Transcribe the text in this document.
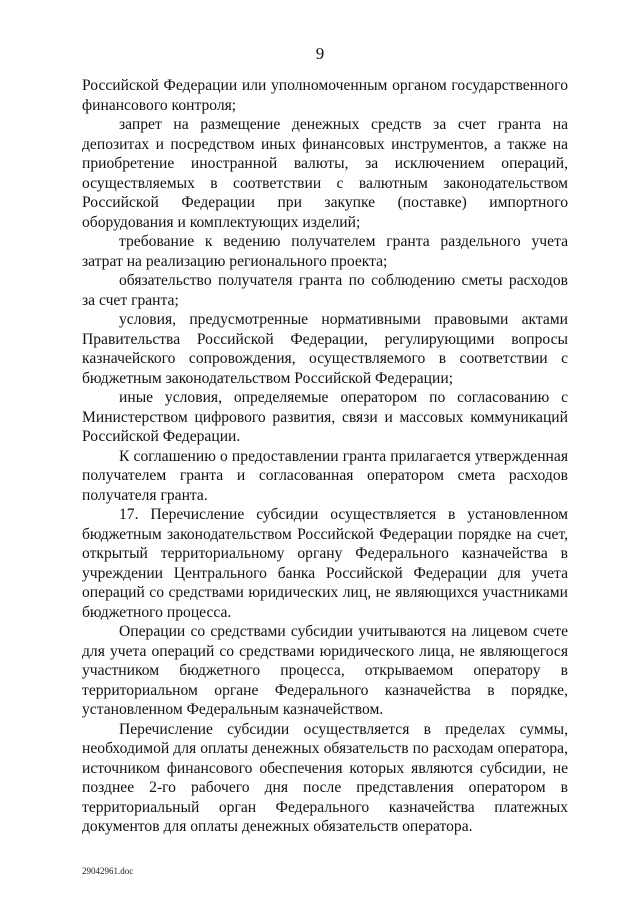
9

Российской Федерации или уполномоченным органом государственного финансового контроля;

запрет на размещение денежных средств за счет гранта на депозитах и посредством иных финансовых инструментов, а также на приобретение иностранной валюты, за исключением операций, осуществляемых в соответствии с валютным законодательством Российской Федерации при закупке (поставке) импортного оборудования и комплектующих изделий;

требование к ведению получателем гранта раздельного учета затрат на реализацию регионального проекта;

обязательство получателя гранта по соблюдению сметы расходов за счет гранта;

условия, предусмотренные нормативными правовыми актами Правительства Российской Федерации, регулирующими вопросы казначейского сопровождения, осуществляемого в соответствии с бюджетным законодательством Российской Федерации;

иные условия, определяемые оператором по согласованию с Министерством цифрового развития, связи и массовых коммуникаций Российской Федерации.

К соглашению о предоставлении гранта прилагается утвержденная получателем гранта и согласованная оператором смета расходов получателя гранта.

17. Перечисление субсидии осуществляется в установленном бюджетным законодательством Российской Федерации порядке на счет, открытый территориальному органу Федерального казначейства в учреждении Центрального банка Российской Федерации для учета операций со средствами юридических лиц, не являющихся участниками бюджетного процесса.

Операции со средствами субсидии учитываются на лицевом счете для учета операций со средствами юридического лица, не являющегося участником бюджетного процесса, открываемом оператору в территориальном органе Федерального казначейства в порядке, установленном Федеральным казначейством.

Перечисление субсидии осуществляется в пределах суммы, необходимой для оплаты денежных обязательств по расходам оператора, источником финансового обеспечения которых являются субсидии, не позднее 2-го рабочего дня после представления оператором в территориальный орган Федерального казначейства платежных документов для оплаты денежных обязательств оператора.

29042961.doc
